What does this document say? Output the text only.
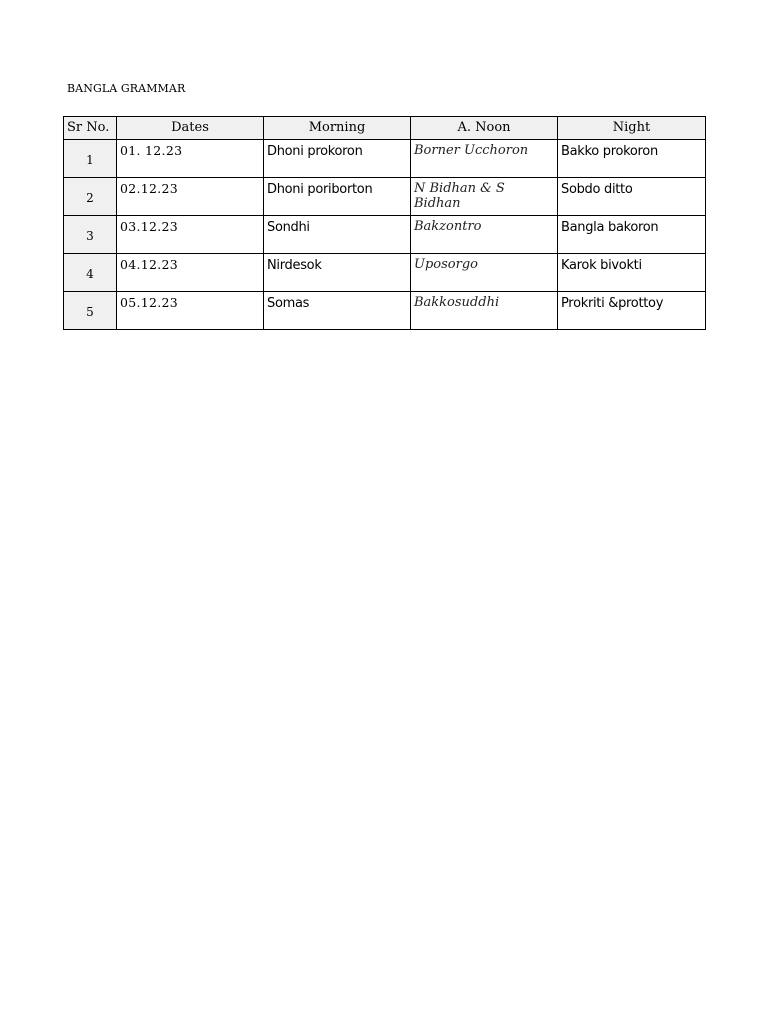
BANGLA GRAMMAR
Sr No.	Dates	Morning	A. Noon	Night
1	01. 12.23	Dhoni prokoron	Borner Ucchoron	Bakko prokoron
2	02.12.23	Dhoni poriborton	N Bidhan & S Bidhan	Sobdo ditto
3	03.12.23	Sondhi	Bakzontro	Bangla bakoron
4	04.12.23	Nirdesok	Uposorgo	Karok bivokti
5	05.12.23	Somas	Bakkosuddhi	Prokriti &prottoy
